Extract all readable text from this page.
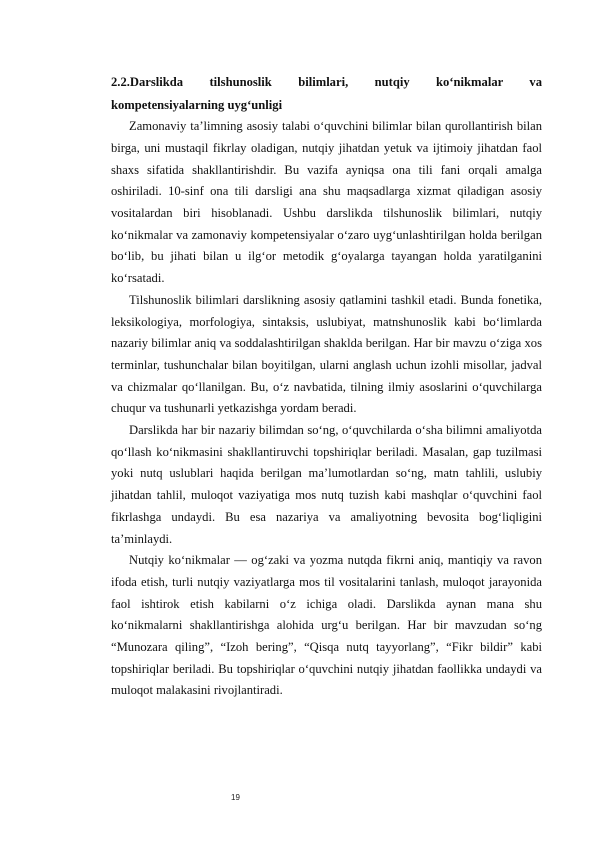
2.2.Darslikda tilshunoslik bilimlari, nutqiy ko‘nikmalar va
kompetensiyalarning uyg‘unligi

Zamonaviy ta’limning asosiy talabi o‘quvchini bilimlar bilan qurollantirish bilan birga, uni mustaqil fikrlay oladigan, nutqiy jihatdan yetuk va ijtimoiy jihatdan faol shaxs sifatida shakllantirishdir. Bu vazifa ayniqsa ona tili fani orqali amalga oshiriladi. 10-sinf ona tili darsligi ana shu maqsadlarga xizmat qiladigan asosiy vositalardan biri hisoblanadi. Ushbu darslikda tilshunoslik bilimlari, nutqiy ko‘nikmalar va zamonaviy kompetensiyalar o‘zaro uyg‘unlashtirilgan holda berilgan bo‘lib, bu jihati bilan u ilg‘or metodik g‘oyalarga tayangan holda yaratilganini ko‘rsatadi.

Tilshunoslik bilimlari darslikning asosiy qatlamini tashkil etadi. Bunda fonetika, leksikologiya, morfologiya, sintaksis, uslubiyat, matnshunoslik kabi bo‘limlarda nazariy bilimlar aniq va soddalashtirilgan shaklda berilgan. Har bir mavzu o‘ziga xos terminlar, tushunchalar bilan boyitilgan, ularni anglash uchun izohli misollar, jadval va chizmalar qo‘llanilgan. Bu, o‘z navbatida, tilning ilmiy asoslarini o‘quvchilarga chuqur va tushunarli yetkazishga yordam beradi.

Darslikda har bir nazariy bilimdan so‘ng, o‘quvchilarda o‘sha bilimni amaliyotda qo‘llash ko‘nikmasini shakllantiruvchi topshiriqlar beriladi. Masalan, gap tuzilmasi yoki nutq uslublari haqida berilgan ma’lumotlardan so‘ng, matn tahlili, uslubiy jihatdan tahlil, muloqot vaziyatiga mos nutq tuzish kabi mashqlar o‘quvchini faol fikrlashga undaydi. Bu esa nazariya va amaliyotning bevosita bog‘liqligini ta’minlaydi.

Nutqiy ko‘nikmalar — og‘zaki va yozma nutqda fikrni aniq, mantiqiy va ravon ifoda etish, turli nutqiy vaziyatlarga mos til vositalarini tanlash, muloqot jarayonida faol ishtirok etish kabilarni o‘z ichiga oladi. Darslikda aynan mana shu ko‘nikmalarni shakllantirishga alohida urg‘u berilgan. Har bir mavzudan so‘ng “Munozara qiling”, “Izoh bering”, “Qisqa nutq tayyorlang”, “Fikr bildir” kabi topshiriqlar beriladi. Bu topshiriqlar o‘quvchini nutqiy jihatdan faollikka undaydi va muloqot malakasini rivojlantiradi.

19
